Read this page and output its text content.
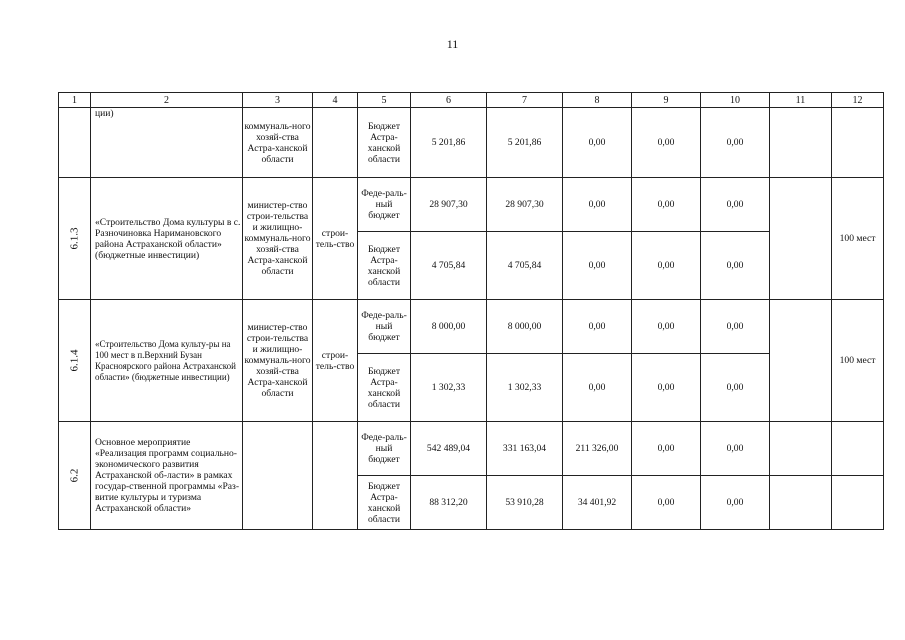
11
1	2	3	4	5	6	7	8	9	10	11	12
	ции)	коммуналь-ного хозяй-ства Астра-ханской области		Бюджет Астра-ханской области	5 201,86	5 201,86	0,00	0,00	0,00		
6.1.3	«Строительство Дома культуры в с. Разночиновка Наримановского района Астраханской области» (бюджетные инвестиции)	министер-ство строи-тельства и жилищно-коммуналь-ного хозяй-ства Астра-ханской области	строи-тель-ство	Феде-раль-ный бюджет	28 907,30	28 907,30	0,00	0,00	0,00		100 мест
				Бюджет Астра-ханской области	4 705,84	4 705,84	0,00	0,00	0,00		
6.1.4	«Строительство Дома культу-ры на 100 мест в п.Верхний Бузан Красноярского района Астраханской области» (бюджетные инвестиции)	министер-ство строи-тельства и жилищно-коммуналь-ного хозяй-ства Астра-ханской области	строи-тель-ство	Феде-раль-ный бюджет	8 000,00	8 000,00	0,00	0,00	0,00		100 мест
				Бюджет Астра-ханской области	1 302,33	1 302,33	0,00	0,00	0,00		
6.2	Основное мероприятие «Реализация программ социально-экономического развития Астраханской об-ласти» в рамках государ-ственной программы «Раз-витие культуры и туризма Астраханской области»			Феде-раль-ный бюджет	542 489,04	331 163,04	211 326,00	0,00	0,00		
				Бюджет Астра-ханской области	88 312,20	53 910,28	34 401,92	0,00	0,00		
